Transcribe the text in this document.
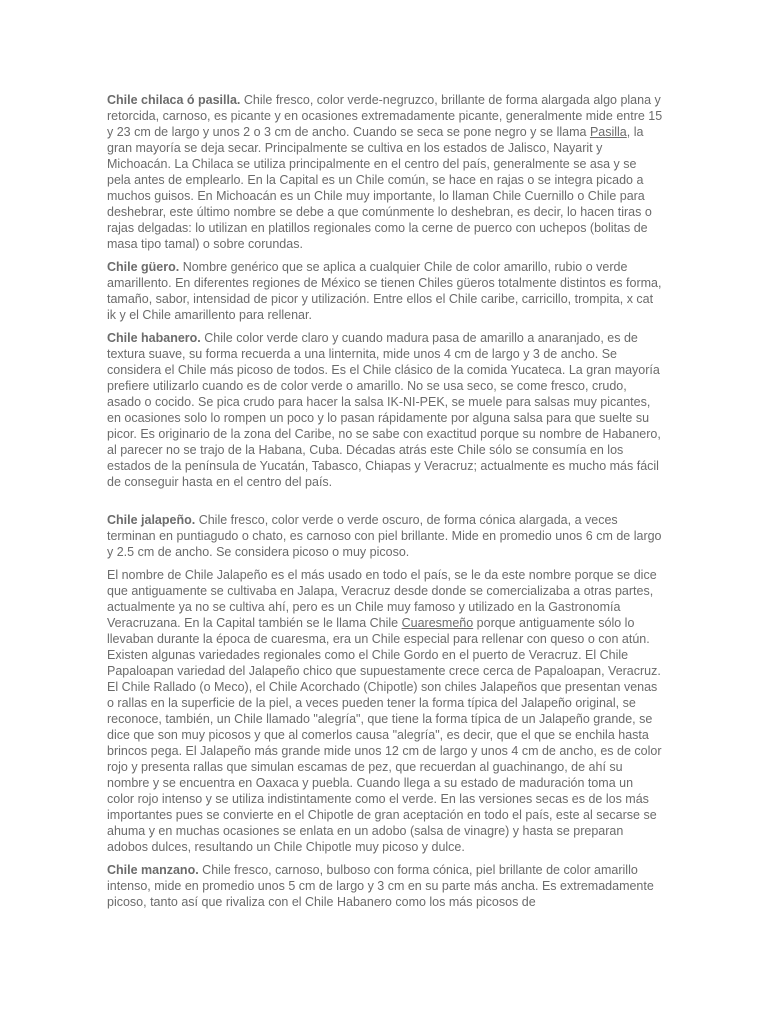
Chile chilaca ó pasilla. Chile fresco, color verde-negruzco, brillante de forma alargada algo plana y retorcida, carnoso, es picante y en ocasiones extremadamente picante, generalmente mide entre 15 y 23 cm de largo y unos 2 o 3 cm de ancho. Cuando se seca se pone negro y se llama Pasilla, la gran mayoría se deja secar. Principalmente se cultiva en los estados de Jalisco, Nayarit y Michoacán. La Chilaca se utiliza principalmente en el centro del país, generalmente se asa y se pela antes de emplearlo. En la Capital es un Chile común, se hace en rajas o se integra picado a muchos guisos. En Michoacán es un Chile muy importante, lo llaman Chile Cuernillo o Chile para deshebrar, este último nombre se debe a que comúnmente lo deshebran, es decir, lo hacen tiras o rajas delgadas: lo utilizan en platillos regionales como la cerne de puerco con uchepos (bolitas de masa tipo tamal) o sobre corundas.

Chile güero. Nombre genérico que se aplica a cualquier Chile de color amarillo, rubio o verde amarillento. En diferentes regiones de México se tienen Chiles güeros totalmente distintos es forma, tamaño, sabor, intensidad de picor y utilización. Entre ellos el Chile caribe, carricillo, trompita, x cat ik y el Chile amarillento para rellenar.

Chile habanero. Chile color verde claro y cuando madura pasa de amarillo a anaranjado, es de textura suave, su forma recuerda a una linternita, mide unos 4 cm de largo y 3 de ancho. Se considera el Chile más picoso de todos. Es el Chile clásico de la comida Yucateca. La gran mayoría prefiere utilizarlo cuando es de color verde o amarillo. No se usa seco, se come fresco, crudo, asado o cocido. Se pica crudo para hacer la salsa IK-NI-PEK, se muele para salsas muy picantes, en ocasiones solo lo rompen un poco y lo pasan rápidamente por alguna salsa para que suelte su picor. Es originario de la zona del Caribe, no se sabe con exactitud porque su nombre de Habanero, al parecer no se trajo de la Habana, Cuba. Décadas atrás este Chile sólo se consumía en los estados de la península de Yucatán, Tabasco, Chiapas y Veracruz; actualmente es mucho más fácil de conseguir hasta en el centro del país.

Chile jalapeño. Chile fresco, color verde o verde oscuro, de forma cónica alargada, a veces terminan en puntiagudo o chato, es carnoso con piel brillante. Mide en promedio unos 6 cm de largo y 2.5 cm de ancho. Se considera picoso o muy picoso.

El nombre de Chile Jalapeño es el más usado en todo el país, se le da este nombre porque se dice que antiguamente se cultivaba en Jalapa, Veracruz desde donde se comercializaba a otras partes, actualmente ya no se cultiva ahí, pero es un Chile muy famoso y utilizado en la Gastronomía Veracruzana. En la Capital también se le llama Chile Cuaresmeño porque antiguamente sólo lo llevaban durante la época de cuaresma, era un Chile especial para rellenar con queso o con atún. Existen algunas variedades regionales como el Chile Gordo en el puerto de Veracruz. El Chile Papaloapan variedad del Jalapeño chico que supuestamente crece cerca de Papaloapan, Veracruz. El Chile Rallado (o Meco), el Chile Acorchado (Chipotle) son chiles Jalapeños que presentan venas o rallas en la superficie de la piel, a veces pueden tener la forma típica del Jalapeño original, se reconoce, también, un Chile llamado "alegría", que tiene la forma típica de un Jalapeño grande, se dice que son muy picosos y que al comerlos causa "alegría", es decir, que el que se enchila hasta brincos pega. El Jalapeño más grande mide unos 12 cm de largo y unos 4 cm de ancho, es de color rojo y presenta rallas que simulan escamas de pez, que recuerdan al guachinango, de ahí su nombre y se encuentra en Oaxaca y puebla. Cuando llega a su estado de maduración toma un color rojo intenso y se utiliza indistintamente como el verde. En las versiones secas es de los más importantes pues se convierte en el Chipotle de gran aceptación en todo el país, este al secarse se ahuma y en muchas ocasiones se enlata en un adobo (salsa de vinagre) y hasta se preparan adobos dulces, resultando un Chile Chipotle muy picoso y dulce.

Chile manzano. Chile fresco, carnoso, bulboso con forma cónica, piel brillante de color amarillo intenso, mide en promedio unos 5 cm de largo y 3 cm en su parte más ancha. Es extremadamente picoso, tanto así que rivaliza con el Chile Habanero como los más picosos de
